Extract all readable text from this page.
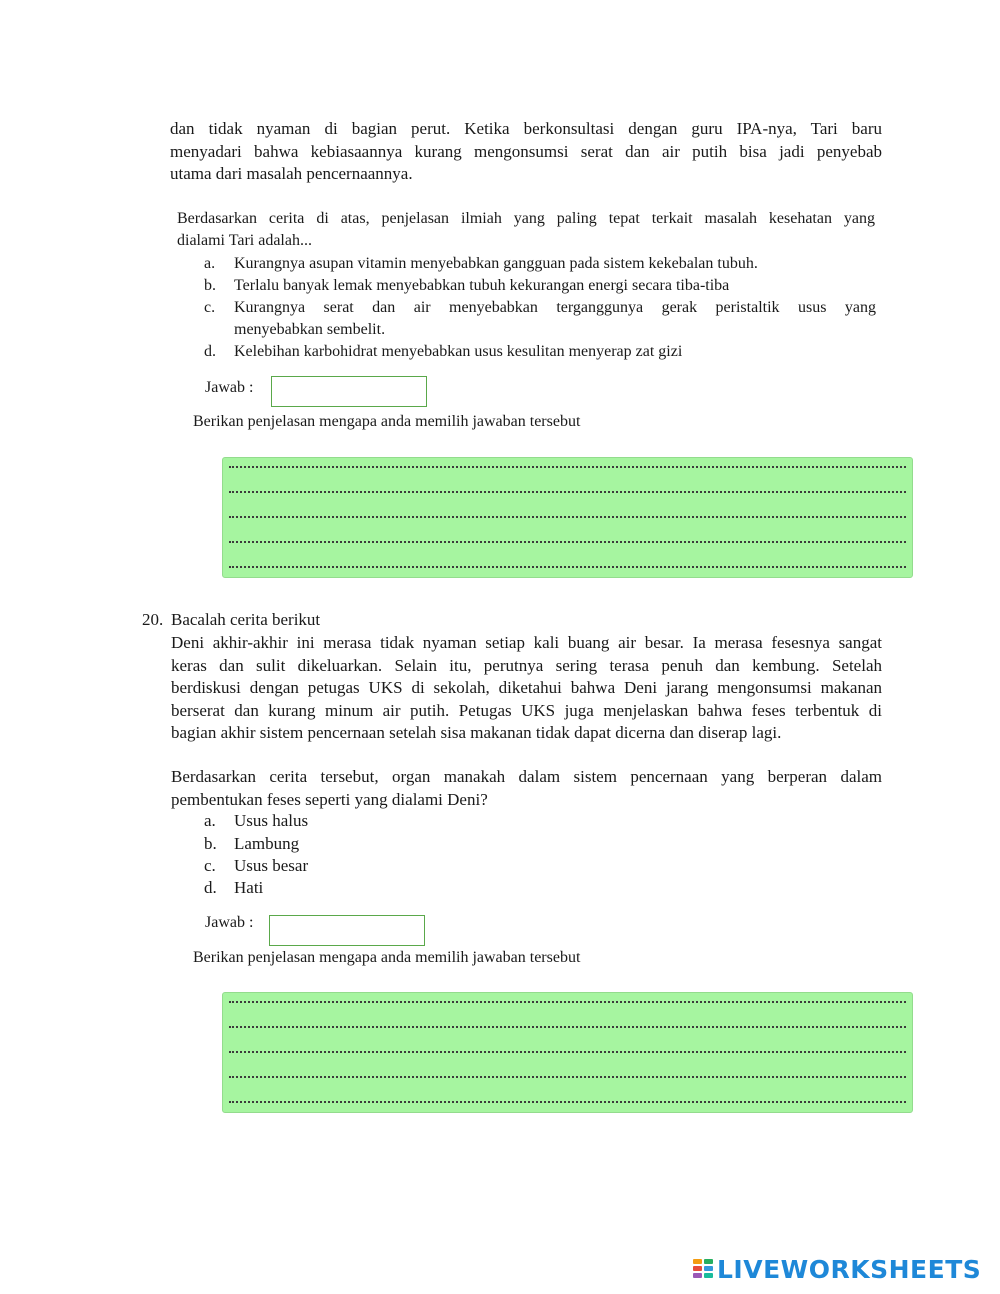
dan tidak nyaman di bagian perut. Ketika berkonsultasi dengan guru IPA-nya, Tari baru

menyadari bahwa kebiasaannya kurang mengonsumsi serat dan air putih bisa jadi penyebab

utama dari masalah pencernaannya.

Berdasarkan cerita di atas, penjelasan ilmiah yang paling tepat terkait masalah kesehatan yang

dialami Tari adalah...

a.	Kurangnya asupan vitamin menyebabkan gangguan pada sistem kekebalan tubuh.
b.	Terlalu banyak lemak menyebabkan tubuh kekurangan energi secara tiba-tiba
c.	Kurangnya serat dan air menyebabkan terganggunya gerak peristaltik usus yang
menyebabkan sembelit.
d.	Kelebihan karbohidrat menyebabkan usus kesulitan menyerap zat gizi
Jawab :
Berikan penjelasan mengapa anda memilih jawaban tersebut
20. Bacalah cerita berikut

Deni akhir-akhir ini merasa tidak nyaman setiap kali buang air besar. Ia merasa fesesnya sangat

keras dan sulit dikeluarkan. Selain itu, perutnya sering terasa penuh dan kembung. Setelah

berdiskusi dengan petugas UKS di sekolah, diketahui bahwa Deni jarang mengonsumsi makanan

berserat dan kurang minum air putih. Petugas UKS juga menjelaskan bahwa feses terbentuk di

bagian akhir sistem pencernaan setelah sisa makanan tidak dapat dicerna dan diserap lagi.

Berdasarkan cerita tersebut, organ manakah dalam sistem pencernaan yang berperan dalam

pembentukan feses seperti yang dialami Deni?

a.	Usus halus
b.	Lambung
c.	Usus besar
d.	Hati
Jawab :
Berikan penjelasan mengapa anda memilih jawaban tersebut
LIVEWORKSHEETS
